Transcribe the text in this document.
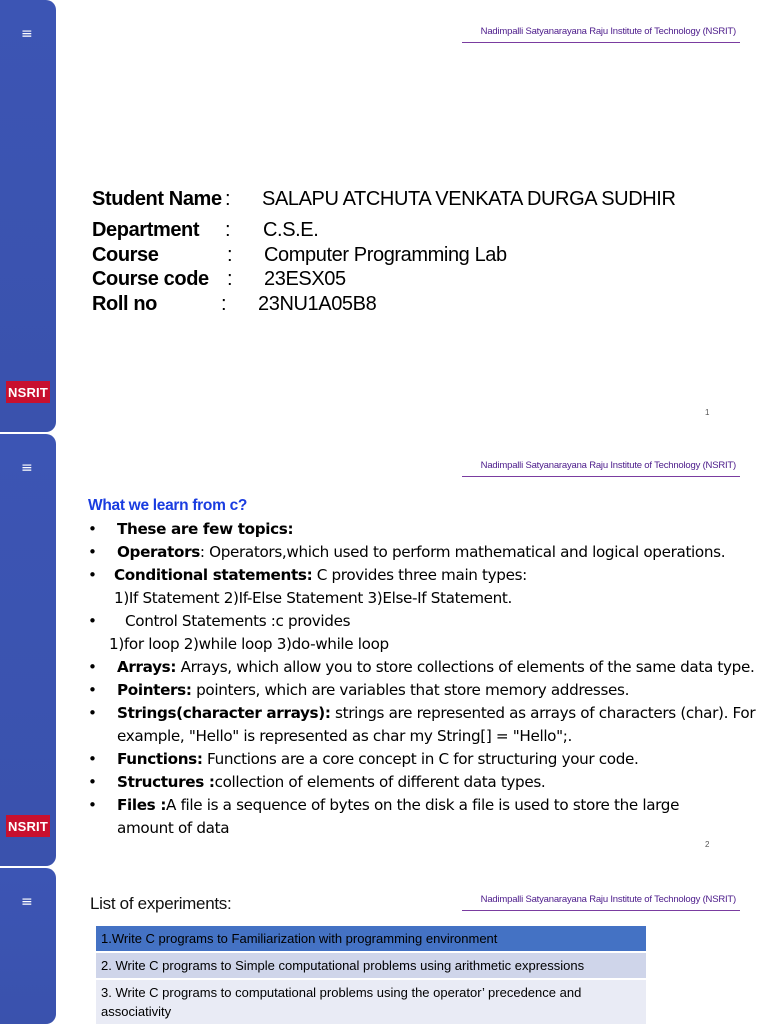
≡
NSRIT
Nadimpalli Satyanarayana Raju Institute of Technology (NSRIT)
Student Name : SALAPU ATCHUTA VENKATA DURGA SUDHIR
Department : C.S.E.
Course	: Computer Programming Lab
Course code : 23ESX05
Roll no	: 23NU1A05B8
1
≡
NSRIT
Nadimpalli Satyanarayana Raju Institute of Technology (NSRIT)
What we learn from c?
• These are few topics:
• Operators: Operators,which used to perform mathematical and logical operations.
• Conditional statements: C provides three main types:
1)If Statement 2)If-Else Statement 3)Else-If Statement.
• Control Statements :c provides
1)for loop 2)while loop 3)do-while loop
• Arrays: Arrays, which allow you to store collections of elements of the same data type.
• Pointers: pointers, which are variables that store memory addresses.
• Strings(character arrays): strings are represented as arrays of characters (char). For example, "Hello" is represented as char my String[] = "Hello";.
• Functions: Functions are a core concept in C for structuring your code.
• Structures :collection of elements of different data types.
• Files :A file is a sequence of bytes on the disk a file is used to store the large amount of data
2
≡	Nadimpalli Satyanarayana Raju Institute of Technology (NSRIT)
List of experiments:
1.Write C programs to Familiarization with programming environment
2. Write C programs to Simple computational problems using arithmetic expressions
3. Write C programs to computational problems using the operator’ precedence and associativity
